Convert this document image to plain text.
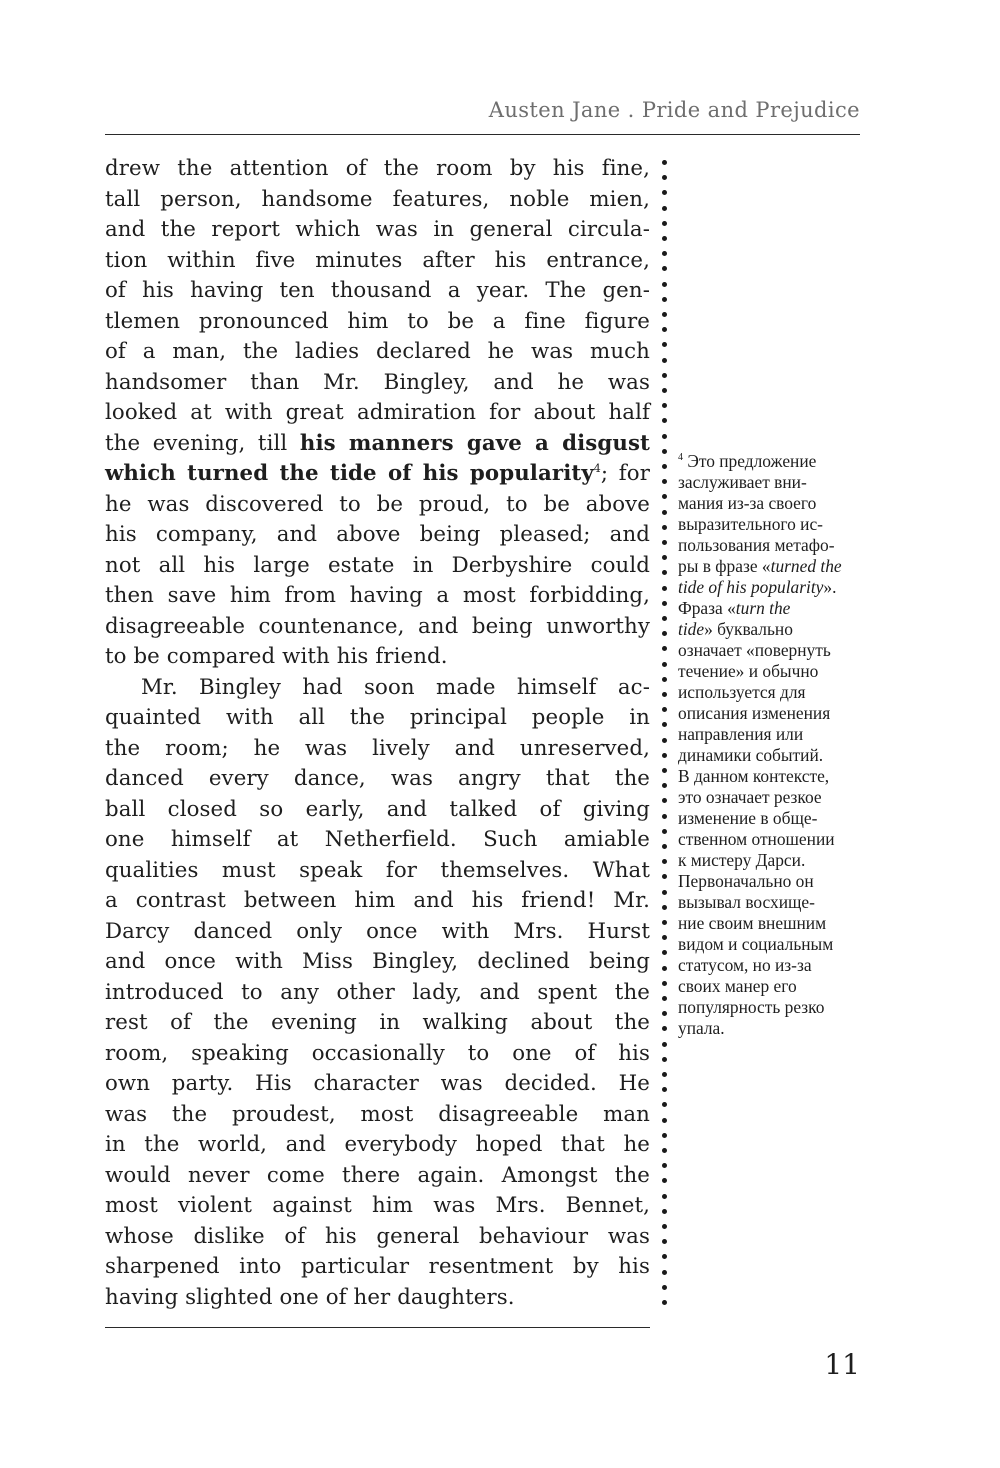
Austen Jane . Pride and Prejudice
drew the attention of the room by his fine,
tall person, handsome features, noble mien,
and the report which was in general circula-
tion within five minutes after his entrance,
of his having ten thousand a year. The gen-
tlemen pronounced him to be a fine figure
of a man, the ladies declared he was much
handsomer than Mr. Bingley, and he was
looked at with great admiration for about half
the evening, till his manners gave a disgust
which turned the tide of his popularity$^4$; for
he was discovered to be proud, to be above
his company, and above being pleased; and
not all his large estate in Derbyshire could
then save him from having a most forbidding,
disagreeable countenance, and being unworthy
to be compared with his friend.
Mr. Bingley had soon made himself ac-
quainted with all the principal people in
the room; he was lively and unreserved,
danced every dance, was angry that the
ball closed so early, and talked of giving
one himself at Netherfield. Such amiable
qualities must speak for themselves. What
a contrast between him and his friend! Mr.
Darcy danced only once with Mrs. Hurst
and once with Miss Bingley, declined being
introduced to any other lady, and spent the
rest of the evening in walking about the
room, speaking occasionally to one of his
own party. His character was decided. He
was the proudest, most disagreeable man
in the world, and everybody hoped that he
would never come there again. Amongst the
most violent against him was Mrs. Bennet,
whose dislike of his general behaviour was
sharpened into particular resentment by his
having slighted one of her daughters.
$^4$ Это предложение
заслуживает вни-
мания из-за своего
выразительного ис-
пользования метафо-
ры в фразе «turned the
tide of his popularity».
Фраза «turn the
tide» буквально
означает «повернуть
течение» и обычно
используется для
описания изменения
направления или
динамики событий.
В данном контексте,
это означает резкое
изменение в обще-
ственном отношении
к мистеру Дарси.
Первоначально он
вызывал восхище-
ние своим внешним
видом и социальным
статусом, но из-за
своих манер его
популярность резко
упала.
11
